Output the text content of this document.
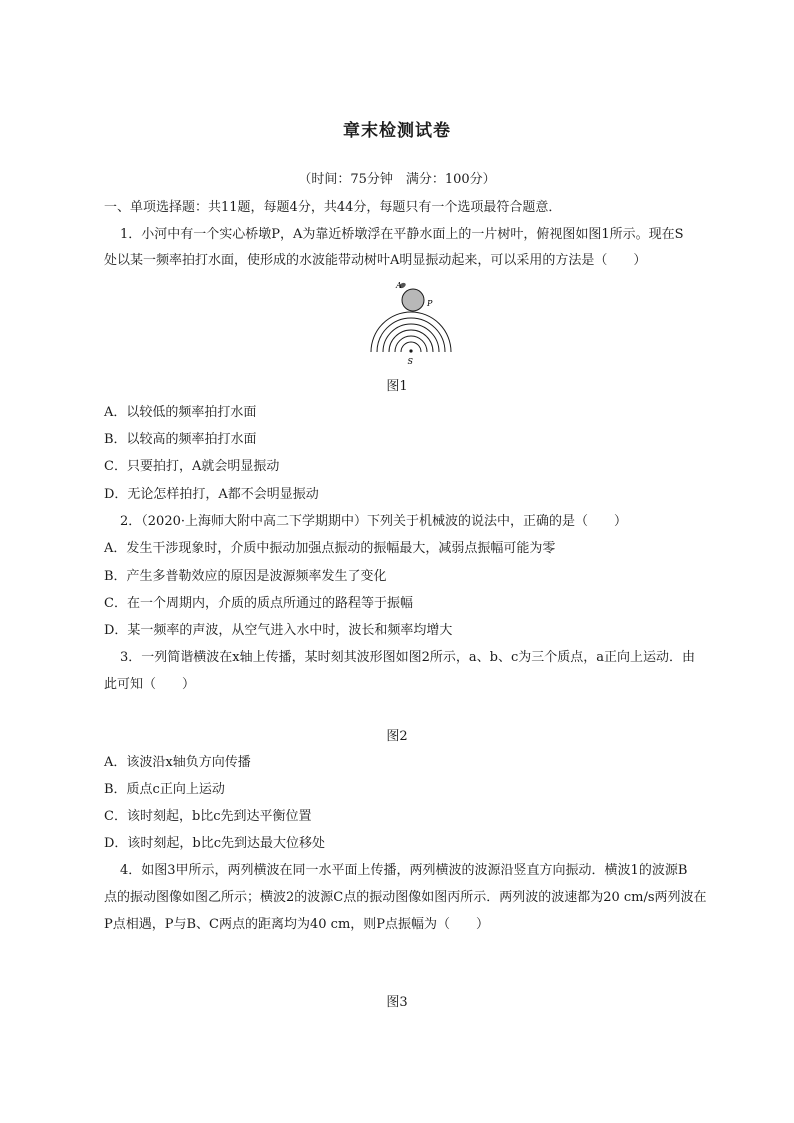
章末检测试卷
（时间：75分钟　满分：100分）
一、单项选择题：共11题，每题4分，共44分，每题只有一个选项最符合题意．
1．小河中有一个实心桥墩P，A为靠近桥墩浮在平静水面上的一片树叶，俯视图如图1所示。现在S
处以某一频率拍打水面，使形成的水波能带动树叶A明显振动起来，可以采用的方法是（　　）
A
P
S
图1
A．以较低的频率拍打水面
B．以较高的频率拍打水面
C．只要拍打，A就会明显振动
D．无论怎样拍打，A都不会明显振动
2．（2020·上海师大附中高二下学期期中）下列关于机械波的说法中，正确的是（　　）
A．发生干涉现象时，介质中振动加强点振动的振幅最大，减弱点振幅可能为零
B．产生多普勒效应的原因是波源频率发生了变化
C．在一个周期内，介质的质点所通过的路程等于振幅
D．某一频率的声波，从空气进入水中时，波长和频率均增大
3．一列简谐横波在x轴上传播，某时刻其波形图如图2所示，a、b、c为三个质点，a正向上运动．由
此可知（　　）
图2
A．该波沿x轴负方向传播
B．质点c正向上运动
C．该时刻起，b比c先到达平衡位置
D．该时刻起，b比c先到达最大位移处
4．如图3甲所示，两列横波在同一水平面上传播，两列横波的波源沿竖直方向振动．横波1的波源B
点的振动图像如图乙所示；横波2的波源C点的振动图像如图丙所示．两列波的波速都为20 cm/s两列波在
P点相遇，P与B、C两点的距离均为40 cm，则P点振幅为（　　）
图3
